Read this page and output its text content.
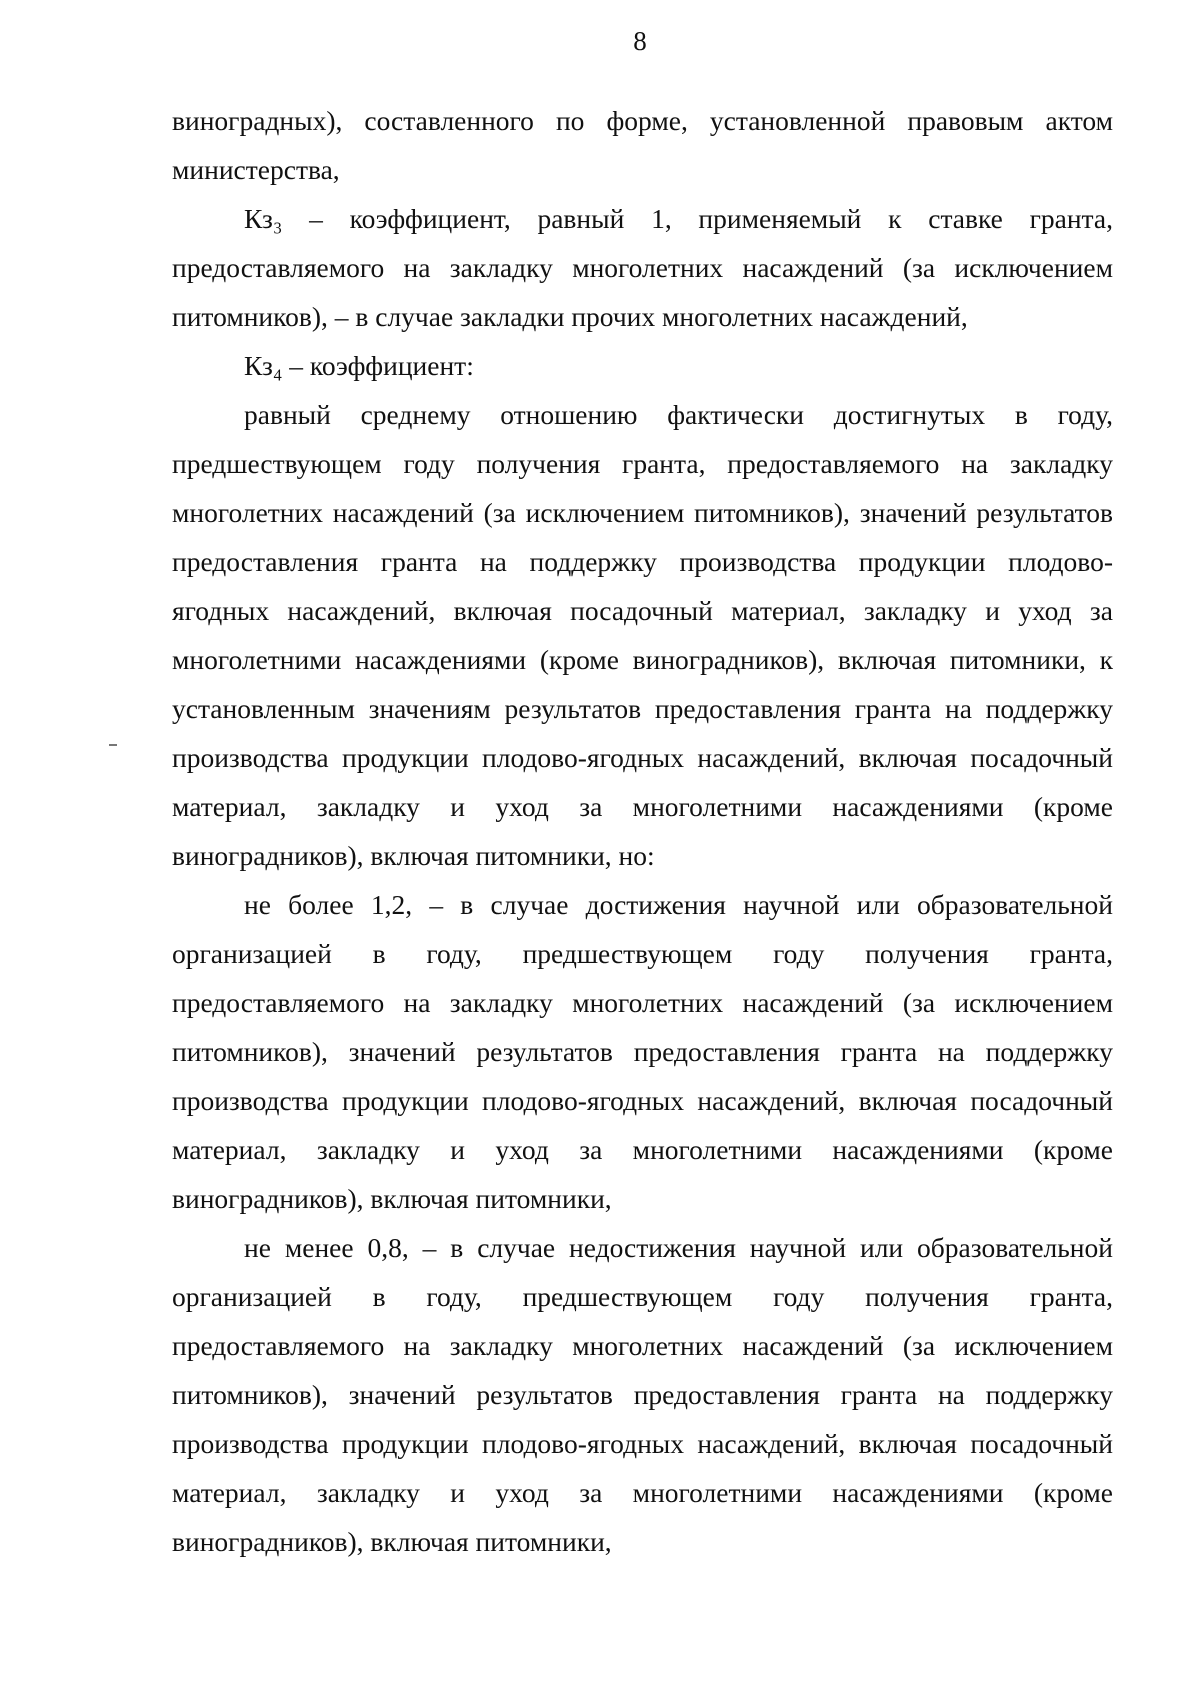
8

виноградных), составленного по форме, установленной правовым актом министерства,

Кз₃ – коэффициент, равный 1, применяемый к ставке гранта, предоставляемого на закладку многолетних насаждений (за исключением питомников), – в случае закладки прочих многолетних насаждений,

Кз₄ – коэффициент:

равный среднему отношению фактически достигнутых в году, предшествующем году получения гранта, предоставляемого на закладку многолетних насаждений (за исключением питомников), значений результатов предоставления гранта на поддержку производства продукции плодово-ягодных насаждений, включая посадочный материал, закладку и уход за многолетними насаждениями (кроме виноградников), включая питомники, к установленным значениям результатов предоставления гранта на поддержку производства продукции плодово-ягодных насаждений, включая посадочный материал, закладку и уход за многолетними насаждениями (кроме виноградников), включая питомники, но:

не более 1,2, – в случае достижения научной или образовательной организацией в году, предшествующем году получения гранта, предоставляемого на закладку многолетних насаждений (за исключением питомников), значений результатов предоставления гранта на поддержку производства продукции плодово-ягодных насаждений, включая посадочный материал, закладку и уход за многолетними насаждениями (кроме виноградников), включая питомники,

не менее 0,8, – в случае недостижения научной или образовательной организацией в году, предшествующем году получения гранта, предоставляемого на закладку многолетних насаждений (за исключением питомников), значений результатов предоставления гранта на поддержку производства продукции плодово-ягодных насаждений, включая посадочный материал, закладку и уход за многолетними насаждениями (кроме виноградников), включая питомники,
